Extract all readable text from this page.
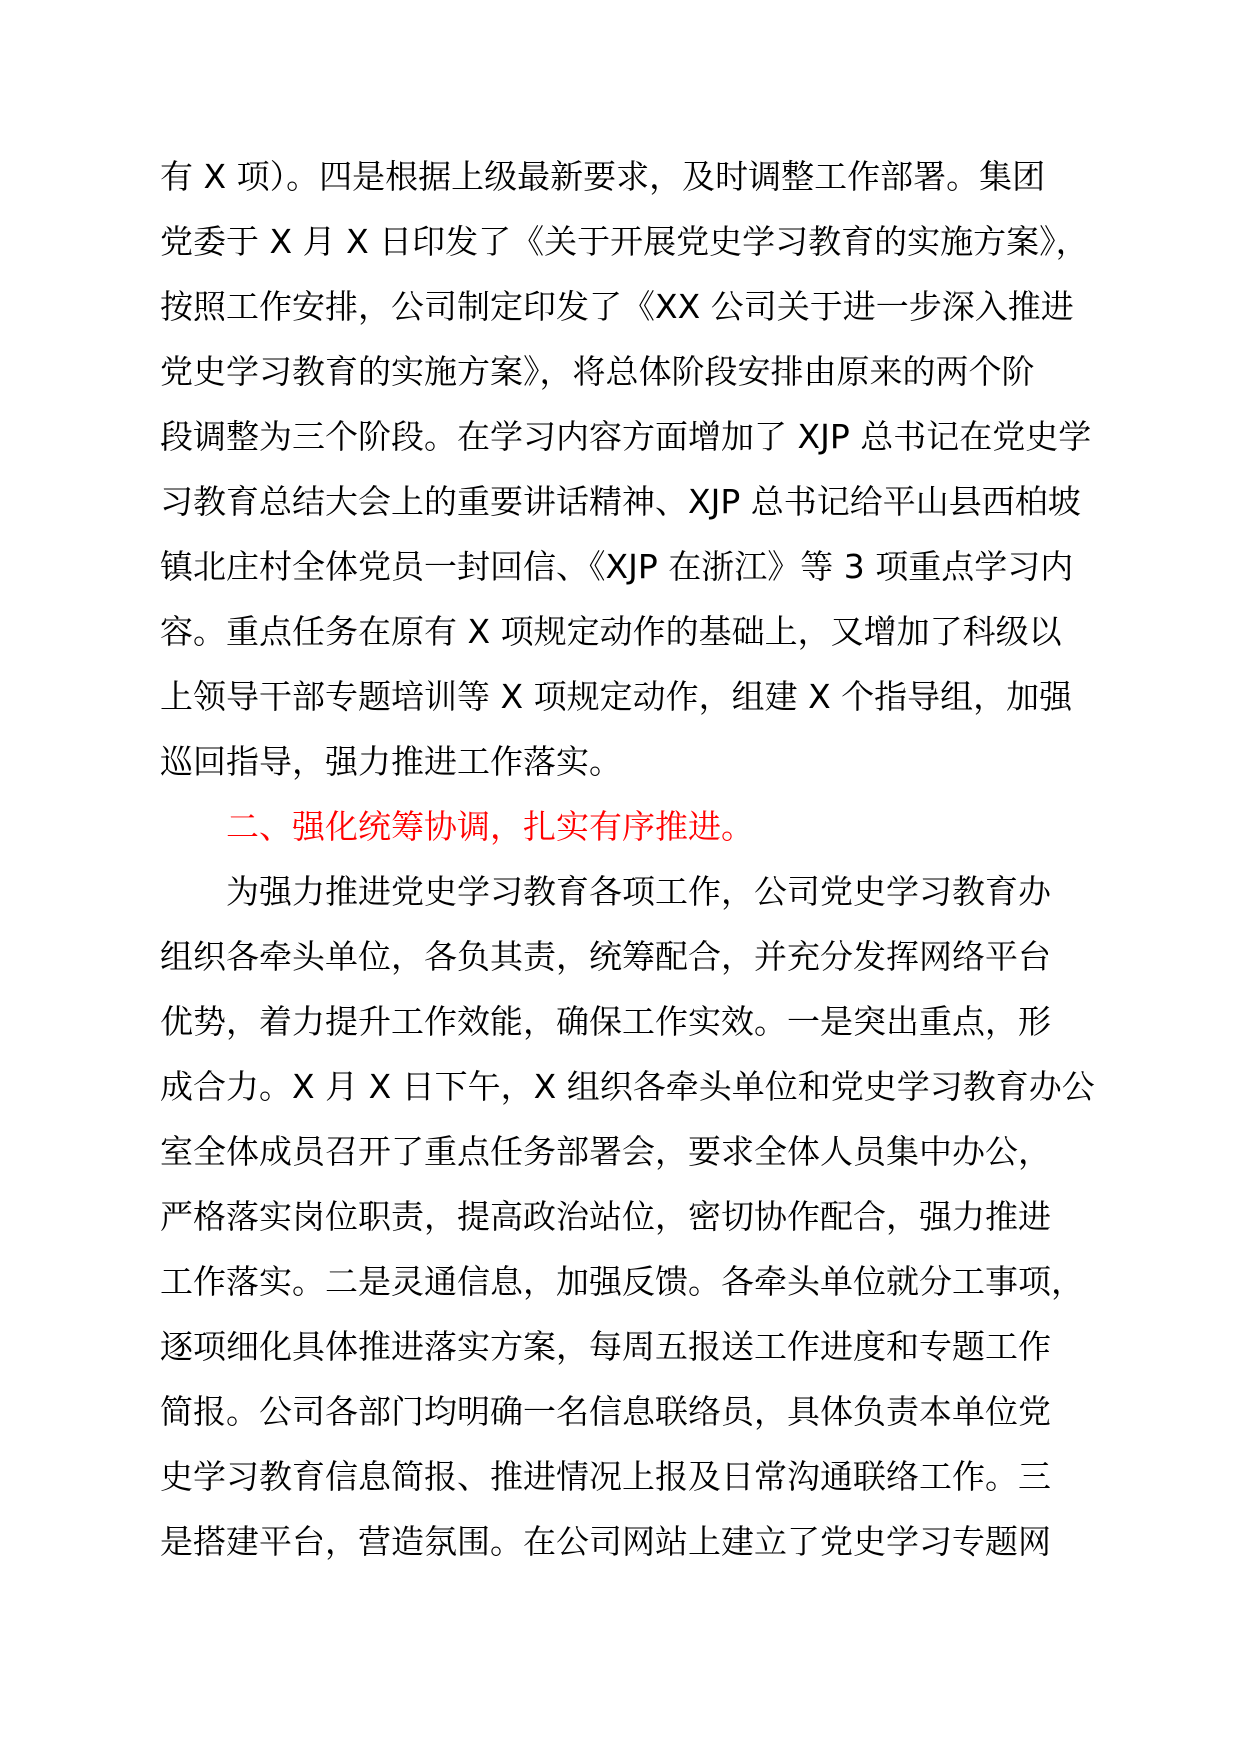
有 X 项）。四是根据上级最新要求，及时调整工作部署。集团
党委于 X 月 X 日印发了《关于开展党史学习教育的实施方案》，
按照工作安排，公司制定印发了《XX 公司关于进一步深入推进
党史学习教育的实施方案》，将总体阶段安排由原来的两个阶
段调整为三个阶段。在学习内容方面增加了 XJP 总书记在党史学
习教育总结大会上的重要讲话精神、XJP 总书记给平山县西柏坡
镇北庄村全体党员一封回信、《XJP 在浙江》等 3 项重点学习内
容。重点任务在原有 X 项规定动作的基础上，又增加了科级以
上领导干部专题培训等 X 项规定动作，组建 X 个指导组，加强
巡回指导，强力推进工作落实。
二、强化统筹协调，扎实有序推进。
为强力推进党史学习教育各项工作，公司党史学习教育办
组织各牵头单位，各负其责，统筹配合，并充分发挥网络平台
优势，着力提升工作效能，确保工作实效。一是突出重点，形
成合力。X 月 X 日下午，X 组织各牵头单位和党史学习教育办公
室全体成员召开了重点任务部署会，要求全体人员集中办公，
严格落实岗位职责，提高政治站位，密切协作配合，强力推进
工作落实。二是灵通信息，加强反馈。各牵头单位就分工事项，
逐项细化具体推进落实方案，每周五报送工作进度和专题工作
简报。公司各部门均明确一名信息联络员，具体负责本单位党
史学习教育信息简报、推进情况上报及日常沟通联络工作。三
是搭建平台，营造氛围。在公司网站上建立了党史学习专题网
